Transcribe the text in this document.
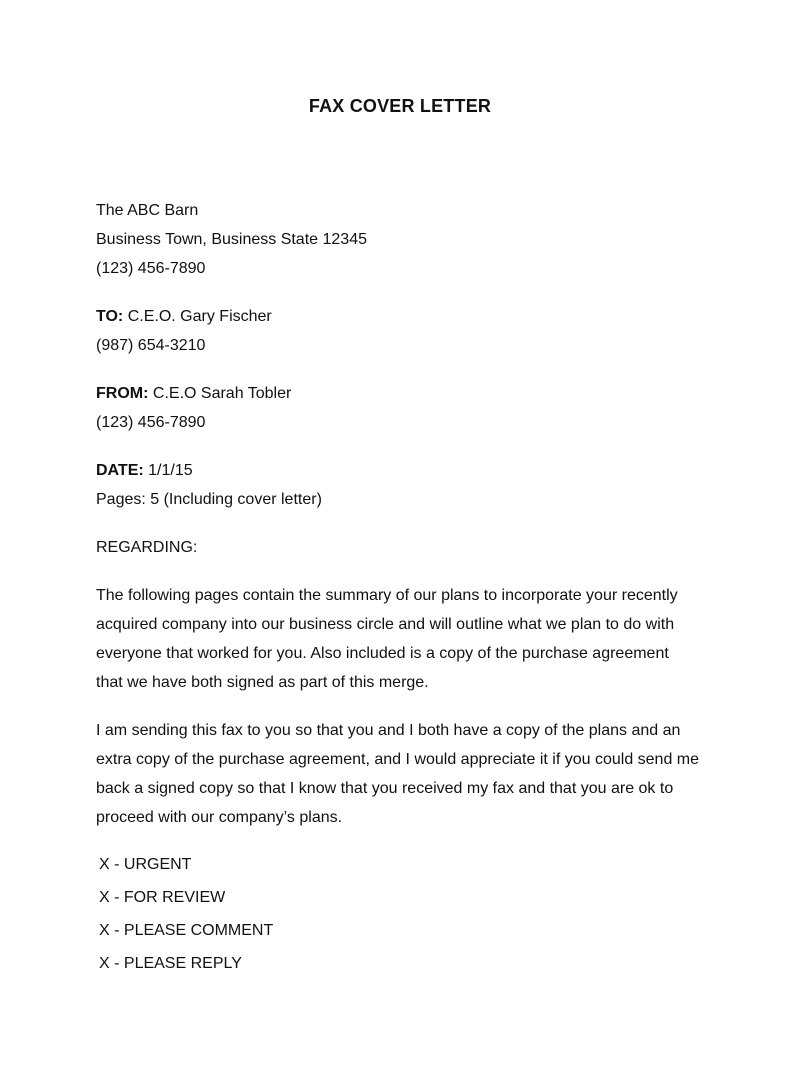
FAX COVER LETTER
The ABC Barn
Business Town, Business State 12345
(123) 456-7890
TO: C.E.O. Gary Fischer
(987) 654-3210
FROM: C.E.O Sarah Tobler
(123) 456-7890
DATE: 1/1/15
Pages: 5 (Including cover letter)
REGARDING:
The following pages contain the summary of our plans to incorporate your recently
acquired company into our business circle and will outline what we plan to do with
everyone that worked for you. Also included is a copy of the purchase agreement
that we have both signed as part of this merge.
I am sending this fax to you so that you and I both have a copy of the plans and an
extra copy of the purchase agreement, and I would appreciate it if you could send me
back a signed copy so that I know that you received my fax and that you are ok to
proceed with our company’s plans.
X - URGENT
X - FOR REVIEW
X - PLEASE COMMENT
X - PLEASE REPLY
